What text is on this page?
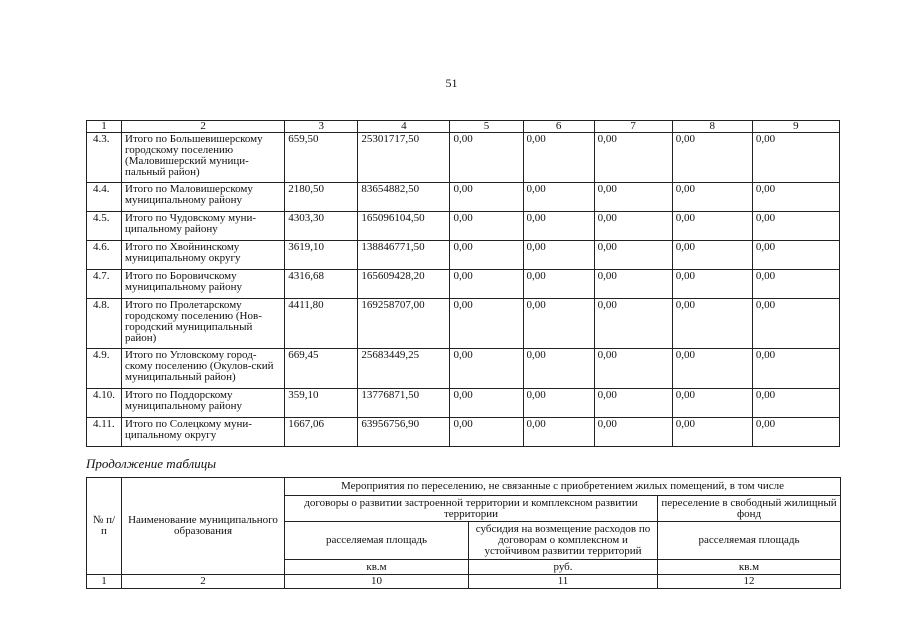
51
1	2	3	4	5	6	7	8	9
4.3.	Итого по Большевишерскому городскому поселению (Маловишерский муници-пальный район)	659,50	25301717,50	0,00	0,00	0,00	0,00	0,00
4.4.	Итого по Маловишерскому муниципальному району	2180,50	83654882,50	0,00	0,00	0,00	0,00	0,00
4.5.	Итого по Чудовскому муни-ципальному району	4303,30	165096104,50	0,00	0,00	0,00	0,00	0,00
4.6.	Итого по Хвойнинскому муниципальному округу	3619,10	138846771,50	0,00	0,00	0,00	0,00	0,00
4.7.	Итого по Боровичскому муниципальному району	4316,68	165609428,20	0,00	0,00	0,00	0,00	0,00
4.8.	Итого по Пролетарскому городскому поселению (Нов-городский муниципальный район)	4411,80	169258707,00	0,00	0,00	0,00	0,00	0,00
4.9.	Итого по Угловскому город-скому поселению (Окулов-ский муниципальный район)	669,45	25683449,25	0,00	0,00	0,00	0,00	0,00
4.10.	Итого по Поддорскому муниципальному району	359,10	13776871,50	0,00	0,00	0,00	0,00	0,00
4.11.	Итого по Солецкому муни-ципальному округу	1667,06	63956756,90	0,00	0,00	0,00	0,00	0,00
Продолжение таблицы
№ п/п	Наименование муниципального образования	Мероприятия по переселению, не связанные с приобретением жилых помещений, в том числе		
		договоры о развитии застроенной территории и комплексном развитии территории		переселение в свободный жилищный фонд
		расселяемая площадь	субсидия на возмещение расходов по договорам о комплексном и устойчивом развитии территорий	расселяемая площадь
		кв.м	руб.	кв.м
1	2	10	11	12
